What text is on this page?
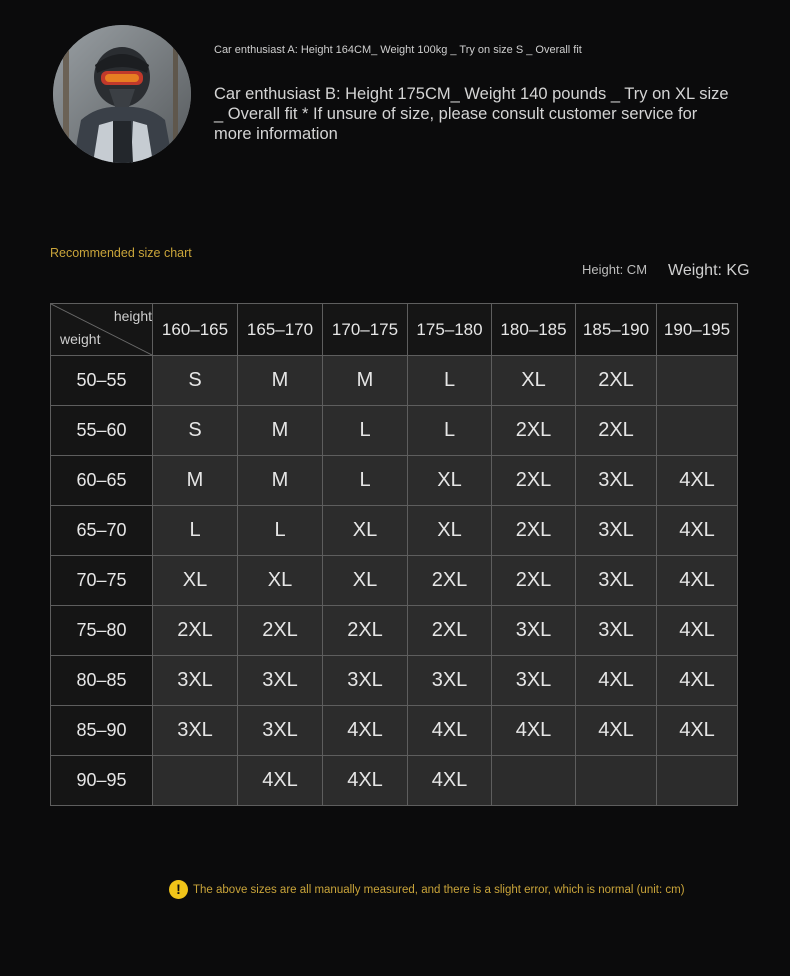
Car enthusiast A: Height 164CM_ Weight 100kg _ Try on size S _ Overall fit
Car enthusiast B: Height 175CM_ Weight 140 pounds _ Try on XL size _ Overall fit * If unsure of size, please consult customer service for more information
Recommended size chart
Height: CM Weight: KG
height
weight	160–165	165–170	170–175	175–180	180–185	185–190	190–195
50–55	S	M	M	L	XL	2XL	
55–60	S	M	L	L	2XL	2XL	
60–65	M	M	L	XL	2XL	3XL	4XL
65–70	L	L	XL	XL	2XL	3XL	4XL
70–75	XL	XL	XL	2XL	2XL	3XL	4XL
75–80	2XL	2XL	2XL	2XL	3XL	3XL	4XL
80–85	3XL	3XL	3XL	3XL	3XL	4XL	4XL
85–90	3XL	3XL	4XL	4XL	4XL	4XL	4XL
90–95		4XL	4XL	4XL			
!	The above sizes are all manually measured, and there is a slight error, which is normal (unit: cm)
